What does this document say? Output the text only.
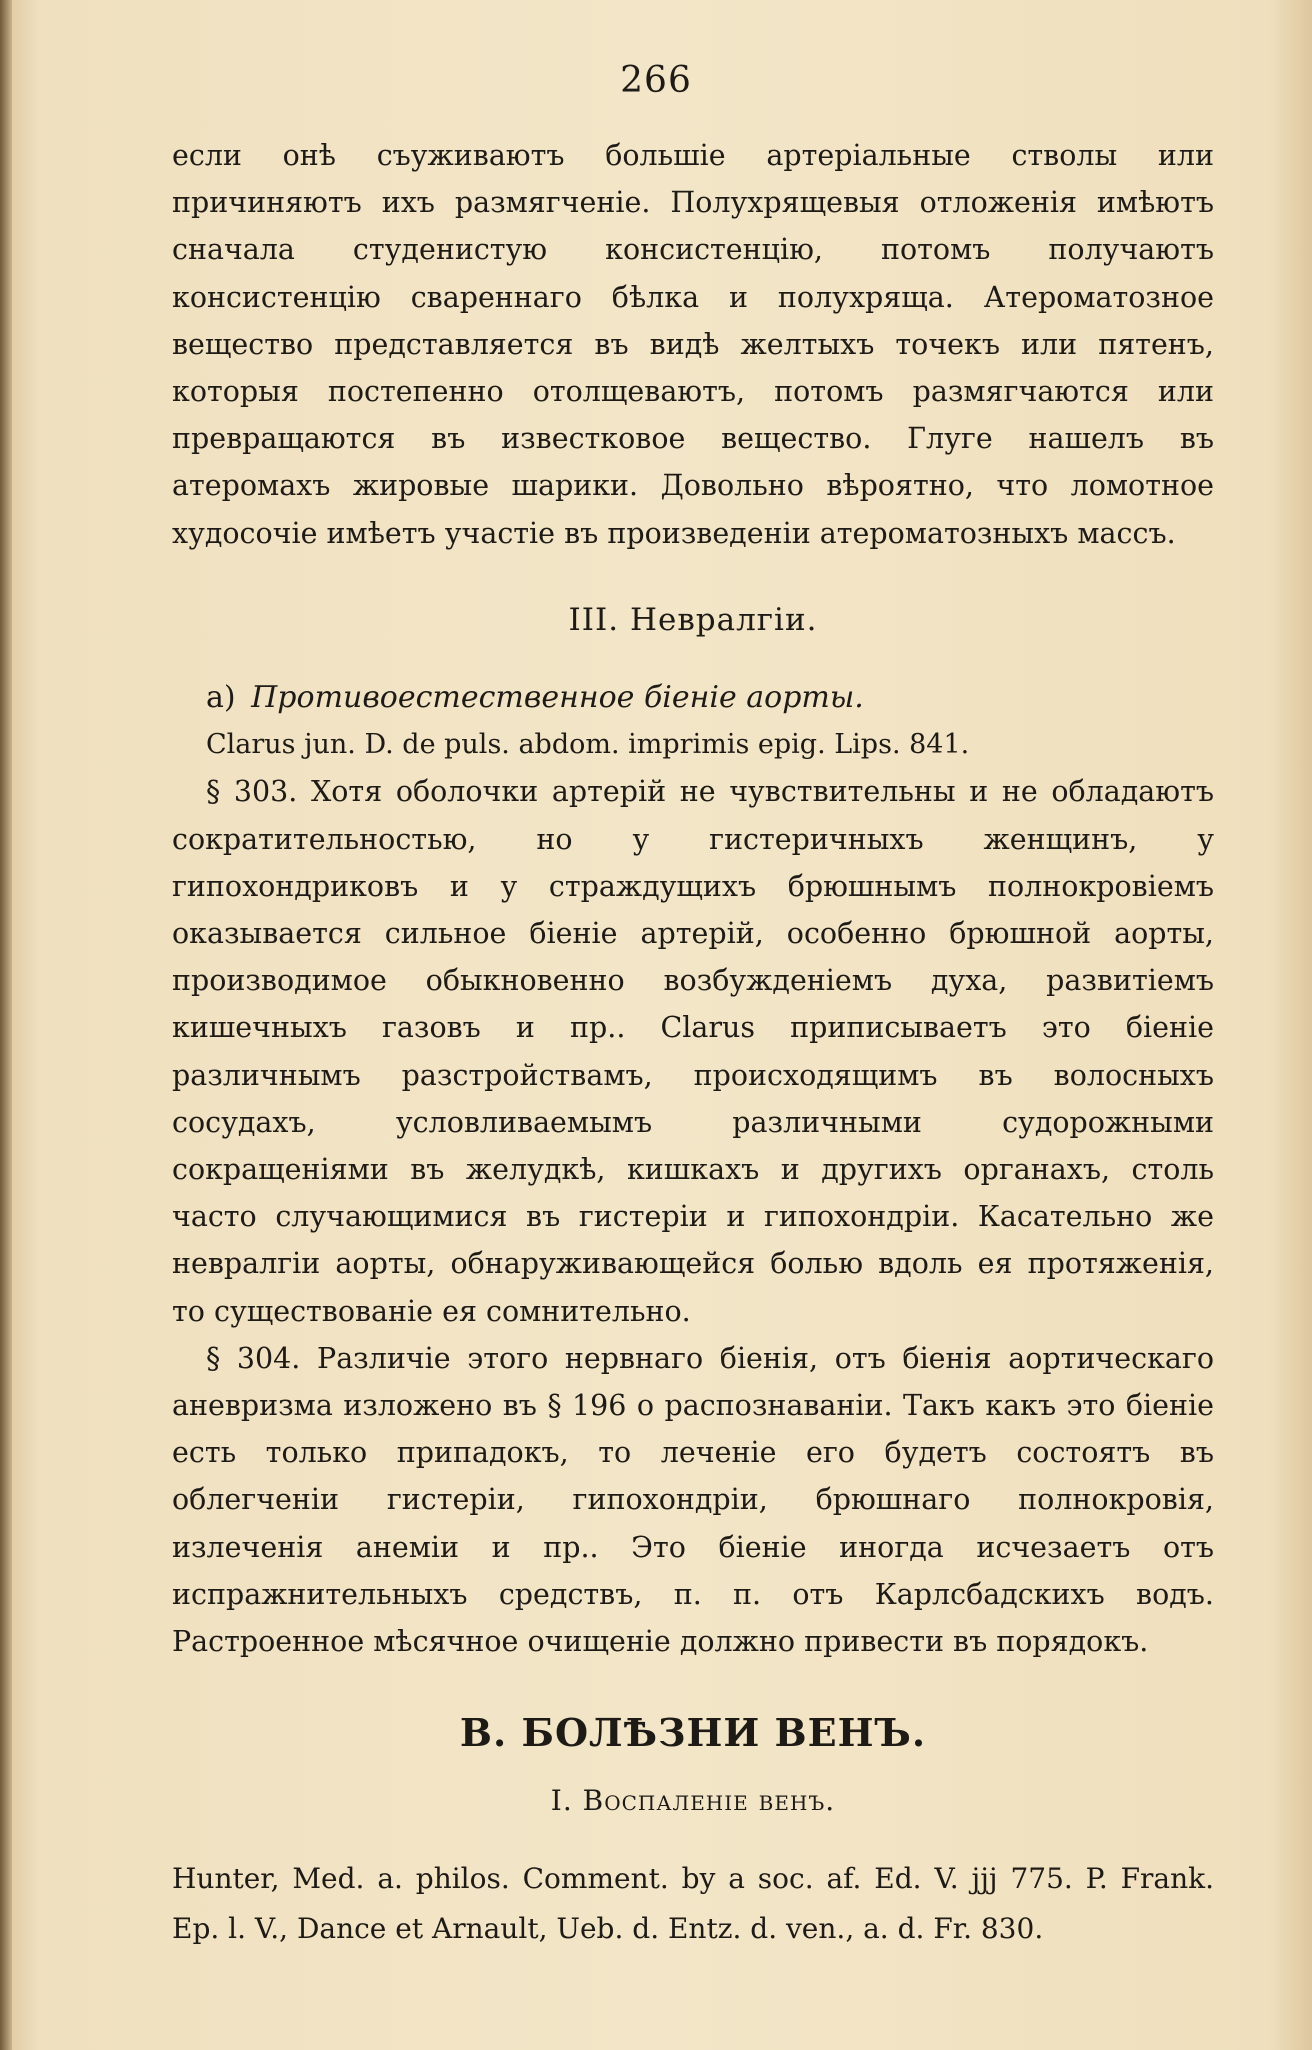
266

если онѣ съуживаютъ большіе артеріальные стволы или причиняютъ ихъ размягченіе. Полухрящевыя отложенія имѣютъ сначала студенистую консистенцію, потомъ получаютъ консистенцію свареннаго бѣлка и полухряща. Атероматозное вещество представляется въ видѣ желтыхъ точекъ или пятенъ, которыя постепенно отолщеваютъ, потомъ размягчаются или превращаются въ известковое вещество. Глуге нашелъ въ атеромахъ жировые шарики. Довольно вѣроятно, что ломотное худосочіе имѣетъ участіе въ произведеніи атероматозныхъ массъ.

III. Невралгіи.
а) Противоестественное біеніе аорты.
Clarus jun. D. de puls. abdom. imprimis epig. Lips. 841.

§ 303. Хотя оболочки артерій не чувствительны и не обладаютъ сократительностью, но у гистеричныхъ женщинъ, у гипохондриковъ и у страждущихъ брюшнымъ полнокровіемъ оказывается сильное біеніе артерій, особенно брюшной аорты, производимое обыкновенно возбужденіемъ духа, развитіемъ кишечныхъ газовъ и пр.. Clarus приписываетъ это біеніе различнымъ разстройствамъ, происходящимъ въ волосныхъ сосудахъ, условливаемымъ различными судорожными сокращеніями въ желудкѣ, кишкахъ и другихъ органахъ, столь часто случающимися въ гистеріи и гипохондріи. Касательно же невралгіи аорты, обнаруживающейся болью вдоль ея протяженія, то существованіе ея сомнительно.

§ 304. Различіе этого нервнаго біенія, отъ біенія аортическаго аневризма изложено въ § 196 о распознаваніи. Такъ какъ это біеніе есть только припадокъ, то леченіе его будетъ состоятъ въ облегченіи гистеріи, гипохондріи, брюшнаго полнокровія, излеченія анеміи и пр.. Это біеніе иногда исчезаетъ отъ испражнительныхъ средствъ, п. п. отъ Карлсбадскихъ водъ. Растроенное мѣсячное очищеніе должно привести въ порядокъ.

В. БОЛѢЗНИ ВЕНЪ.
I. Воспаленіе венъ.

Hunter, Med. a. philos. Comment. by a soc. af. Ed. V. jjj 775. P. Frank. Ep. l. V., Dance et Arnault, Ueb. d. Entz. d. ven., a. d. Fr. 830.
